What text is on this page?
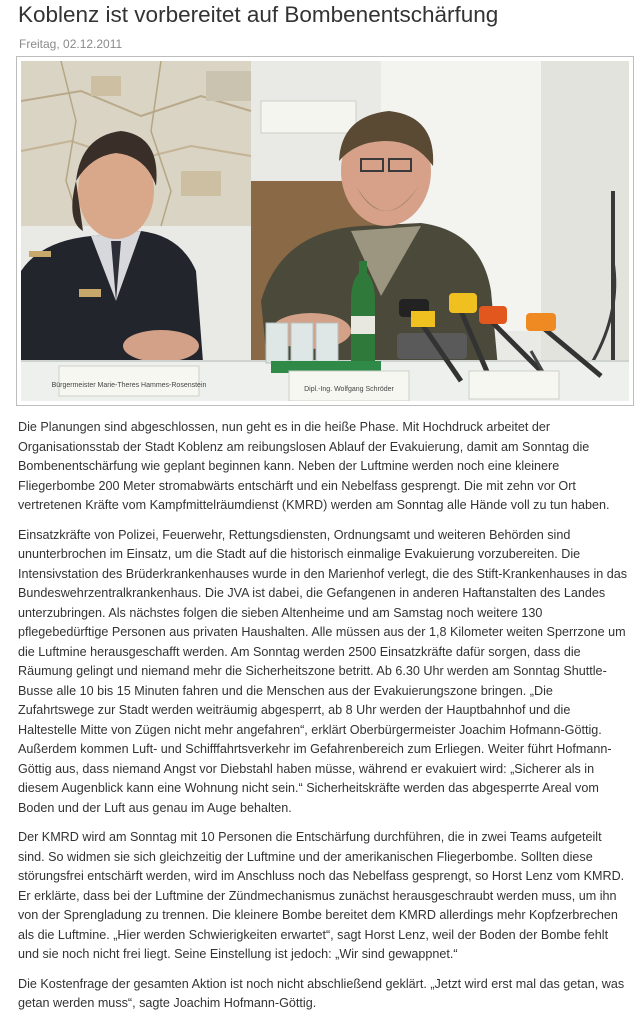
Koblenz ist vorbereitet auf Bombenentschärfung
Freitag, 02.12.2011
Bürgermeister Marie-Theres Hammes-Rosenstein
Dipl.-Ing. Wolfgang Schröder

Die Planungen sind abgeschlossen, nun geht es in die heiße Phase. Mit Hochdruck arbeitet der Organisationsstab der Stadt Koblenz am reibungslosen Ablauf der Evakuierung, damit am Sonntag die Bombenentschärfung wie geplant beginnen kann. Neben der Luftmine werden noch eine kleinere Fliegerbombe 200 Meter stromabwärts entschärft und ein Nebelfass gesprengt. Die mit zehn vor Ort vertretenen Kräfte vom Kampfmittelräumdienst (KMRD) werden am Sonntag alle Hände voll zu tun haben.

Einsatzkräfte von Polizei, Feuerwehr, Rettungsdiensten, Ordnungsamt und weiteren Behörden sind ununterbrochen im Einsatz, um die Stadt auf die historisch einmalige Evakuierung vorzubereiten. Die Intensivstation des Brüderkrankenhauses wurde in den Marienhof verlegt, die des Stift-Krankenhauses in das Bundeswehrzentralkrankenhaus. Die JVA ist dabei, die Gefangenen in anderen Haftanstalten des Landes unterzubringen. Als nächstes folgen die sieben Altenheime und am Samstag noch weitere 130 pflegebedürftige Personen aus privaten Haushalten. Alle müssen aus der 1,8 Kilometer weiten Sperrzone um die Luftmine herausgeschafft werden. Am Sonntag werden 2500 Einsatzkräfte dafür sorgen, dass die Räumung gelingt und niemand mehr die Sicherheitszone betritt. Ab 6.30 Uhr werden am Sonntag Shuttle-Busse alle 10 bis 15 Minuten fahren und die Menschen aus der Evakuierungszone bringen. „Die Zufahrtswege zur Stadt werden weiträumig abgesperrt, ab 8 Uhr werden der Hauptbahnhof und die Haltestelle Mitte von Zügen nicht mehr angefahren“, erklärt Oberbürgermeister Joachim Hofmann-Göttig. Außerdem kommen Luft- und Schifffahrtsverkehr im Gefahrenbereich zum Erliegen. Weiter führt Hofmann-Göttig aus, dass niemand Angst vor Diebstahl haben müsse, während er evakuiert wird: „Sicherer als in diesem Augenblick kann eine Wohnung nicht sein.“ Sicherheitskräfte werden das abgesperrte Areal vom Boden und der Luft aus genau im Auge behalten.

Der KMRD wird am Sonntag mit 10 Personen die Entschärfung durchführen, die in zwei Teams aufgeteilt sind. So widmen sie sich gleichzeitig der Luftmine und der amerikanischen Fliegerbombe. Sollten diese störungsfrei entschärft werden, wird im Anschluss noch das Nebelfass gesprengt, so Horst Lenz vom KMRD. Er erklärte, dass bei der Luftmine der Zündmechanismus zunächst herausgeschraubt werden muss, um ihn von der Sprengladung zu trennen. Die kleinere Bombe bereitet dem KMRD allerdings mehr Kopfzerbrechen als die Luftmine. „Hier werden Schwierigkeiten erwartet“, sagt Horst Lenz, weil der Boden der Bombe fehlt und sie noch nicht frei liegt. Seine Einstellung ist jedoch: „Wir sind gewappnet.“

Die Kostenfrage der gesamten Aktion ist noch nicht abschließend geklärt. „Jetzt wird erst mal das getan, was getan werden muss“, sagte Joachim Hofmann-Göttig.
